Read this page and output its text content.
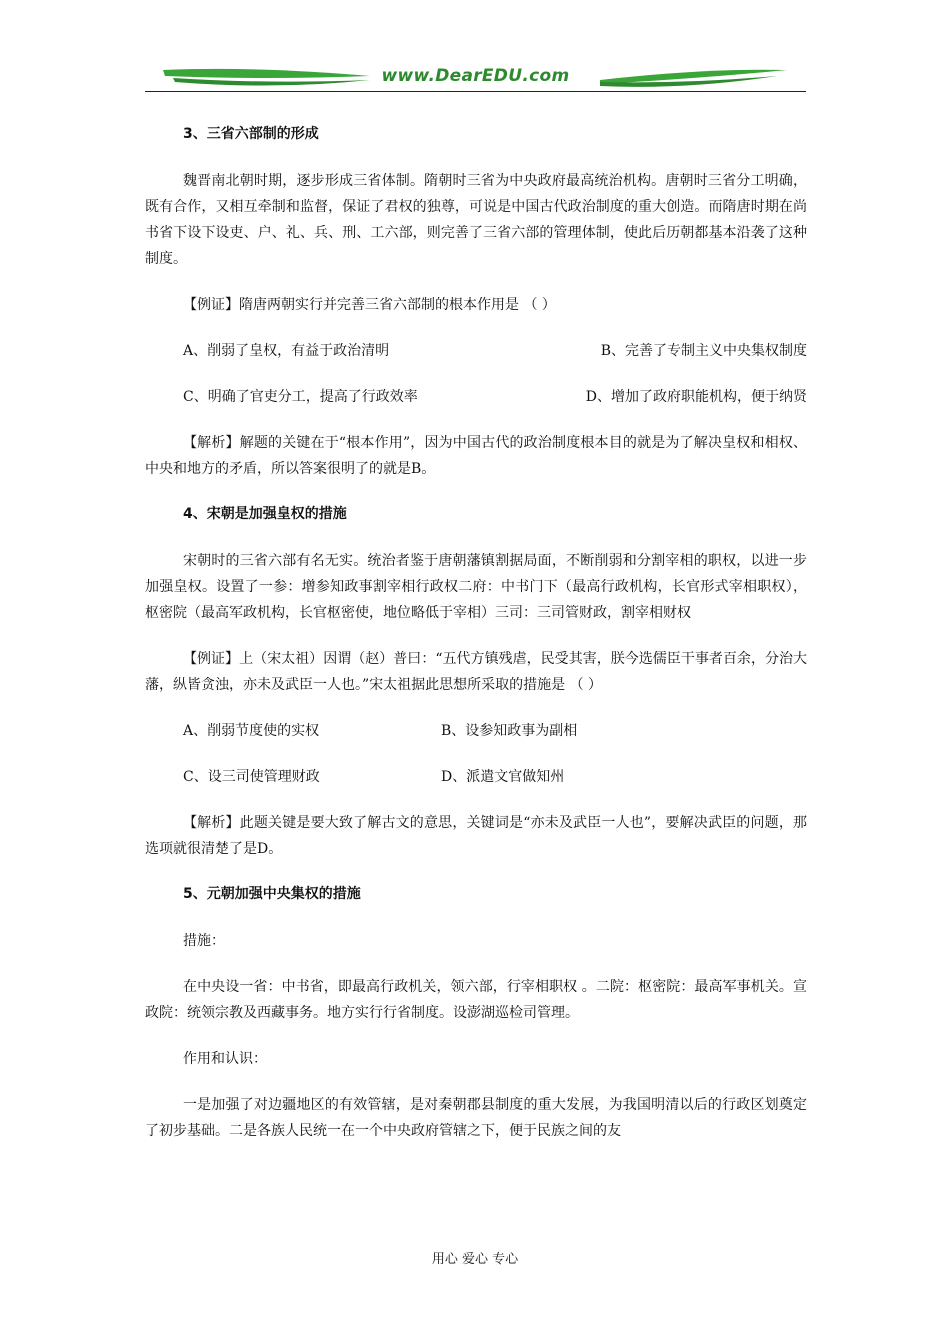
www.DearEDU.com
3、三省六部制的形成
魏晋南北朝时期，逐步形成三省体制。隋朝时三省为中央政府最高统治机构。唐朝时三省分工明确，既有合作，又相互牵制和监督，保证了君权的独尊，可说是中国古代政治制度的重大创造。而隋唐时期在尚书省下设下设吏、户、礼、兵、刑、工六部，则完善了三省六部的管理体制，使此后历朝都基本沿袭了这种制度。
【例证】隋唐两朝实行并完善三省六部制的根本作用是 （ ）
A、削弱了皇权，有益于政治清明	B、完善了专制主义中央集权制度
C、明确了官吏分工，提高了行政效率	D、增加了政府职能机构，便于纳贤
【解析】解题的关键在于“根本作用”，因为中国古代的政治制度根本目的就是为了解决皇权和相权、中央和地方的矛盾，所以答案很明了的就是B。
4、宋朝是加强皇权的措施
宋朝时的三省六部有名无实。统治者鉴于唐朝藩镇割据局面，不断削弱和分割宰相的职权，以进一步加强皇权。设置了一参：增参知政事割宰相行政权二府：中书门下（最高行政机构，长官形式宰相职权），枢密院（最高军政机构，长官枢密使，地位略低于宰相）三司：三司管财政，割宰相财权
【例证】上（宋太祖）因谓（赵）普曰：“五代方镇残虐，民受其害，朕今选儒臣干事者百余，分治大藩，纵皆贪浊，亦未及武臣一人也。”宋太祖据此思想所采取的措施是 （ ）
A、削弱节度使的实权	B、设参知政事为副相
C、设三司使管理财政	D、派遣文官做知州
【解析】此题关键是要大致了解古文的意思，关键词是“亦未及武臣一人也”，要解决武臣的问题，那选项就很清楚了是D。
5、元朝加强中央集权的措施
措施：
在中央设一省：中书省，即最高行政机关，领六部，行宰相职权 。二院：枢密院：最高军事机关。宣政院：统领宗教及西藏事务。地方实行行省制度。设澎湖巡检司管理。
作用和认识：
一是加强了对边疆地区的有效管辖，是对秦朝郡县制度的重大发展，为我国明清以后的行政区划奠定了初步基础。二是各族人民统一在一个中央政府管辖之下，便于民族之间的友
用心 爱心 专心
